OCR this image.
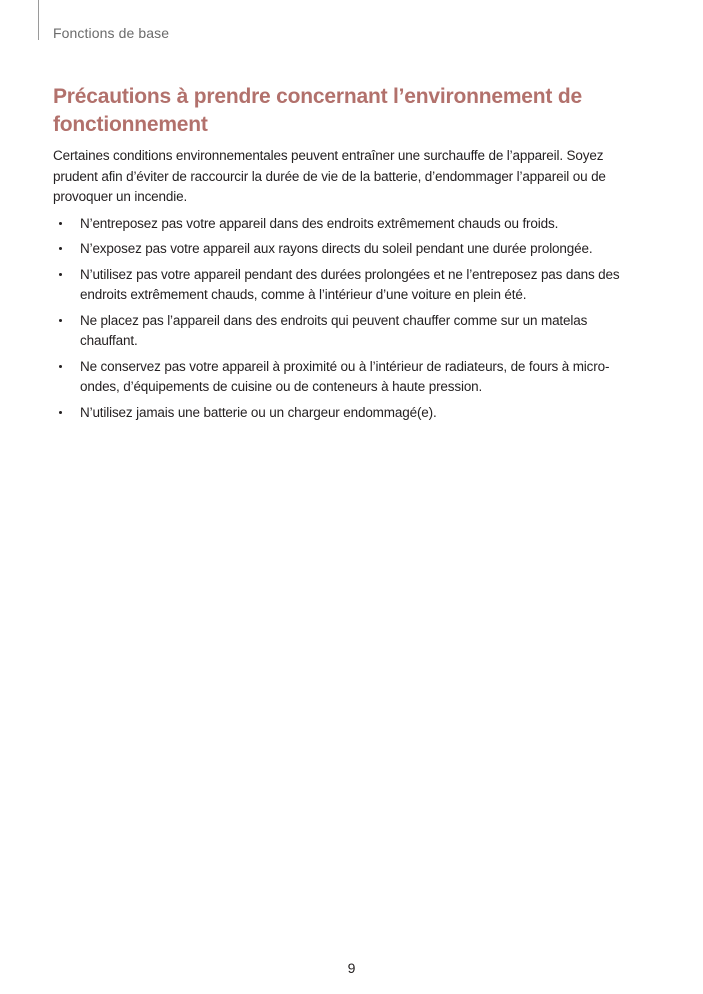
Fonctions de base
Précautions à prendre concernant l’environnement de fonctionnement

Certaines conditions environnementales peuvent entraîner une surchauffe de l’appareil. Soyez prudent afin d’éviter de raccourcir la durée de vie de la batterie, d’endommager l’appareil ou de provoquer un incendie.

N’entreposez pas votre appareil dans des endroits extrêmement chauds ou froids.
N’exposez pas votre appareil aux rayons directs du soleil pendant une durée prolongée.
N’utilisez pas votre appareil pendant des durées prolongées et ne l’entreposez pas dans des endroits extrêmement chauds, comme à l’intérieur d’une voiture en plein été.
Ne placez pas l’appareil dans des endroits qui peuvent chauffer comme sur un matelas chauffant.
Ne conservez pas votre appareil à proximité ou à l’intérieur de radiateurs, de fours à micro-ondes, d’équipements de cuisine ou de conteneurs à haute pression.
N’utilisez jamais une batterie ou un chargeur endommagé(e).
9
